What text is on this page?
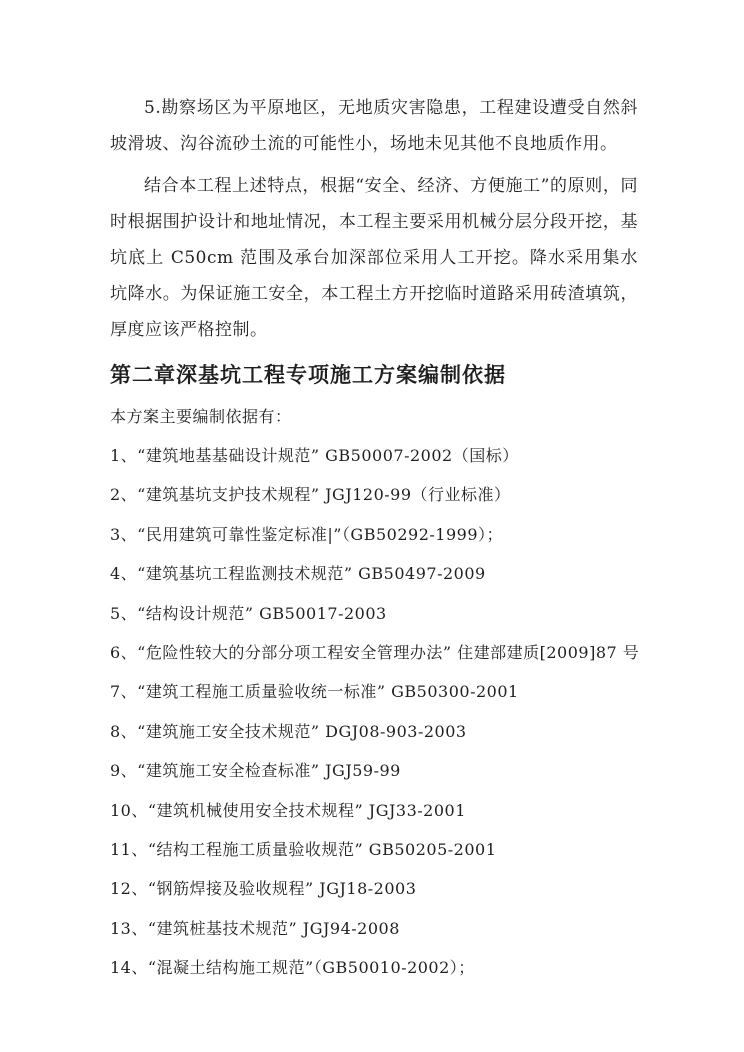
5.勘察场区为平原地区，无地质灾害隐患，工程建设遭受自然斜坡滑坡、沟谷流砂土流的可能性小，场地未见其他不良地质作用。

结合本工程上述特点，根据“安全、经济、方便施工”的原则，同时根据围护设计和地址情况，本工程主要采用机械分层分段开挖，基坑底上 C50cm 范围及承台加深部位采用人工开挖。降水采用集水坑降水。为保证施工安全，本工程土方开挖临时道路采用砖渣填筑，厚度应该严格控制。

第二章深基坑工程专项施工方案编制依据

本方案主要编制依据有：

1、“建筑地基基础设计规范” GB50007-2002（国标）
2、“建筑基坑支护技术规程” JGJ120-99（行业标准）
3、“民用建筑可靠性鉴定标准|”（GB50292-1999）；
4、“建筑基坑工程监测技术规范” GB50497-2009
5、“结构设计规范” GB50017-2003
6、“危险性较大的分部分项工程安全管理办法” 住建部建质[2009]87 号
7、“建筑工程施工质量验收统一标准” GB50300-2001
8、“建筑施工安全技术规范” DGJ08-903-2003
9、“建筑施工安全检查标准” JGJ59-99
10、“建筑机械使用安全技术规程” JGJ33-2001
11、“结构工程施工质量验收规范” GB50205-2001
12、“钢筋焊接及验收规程” JGJ18-2003
13、“建筑桩基技术规范” JGJ94-2008
14、“混凝土结构施工规范”（GB50010-2002）；
